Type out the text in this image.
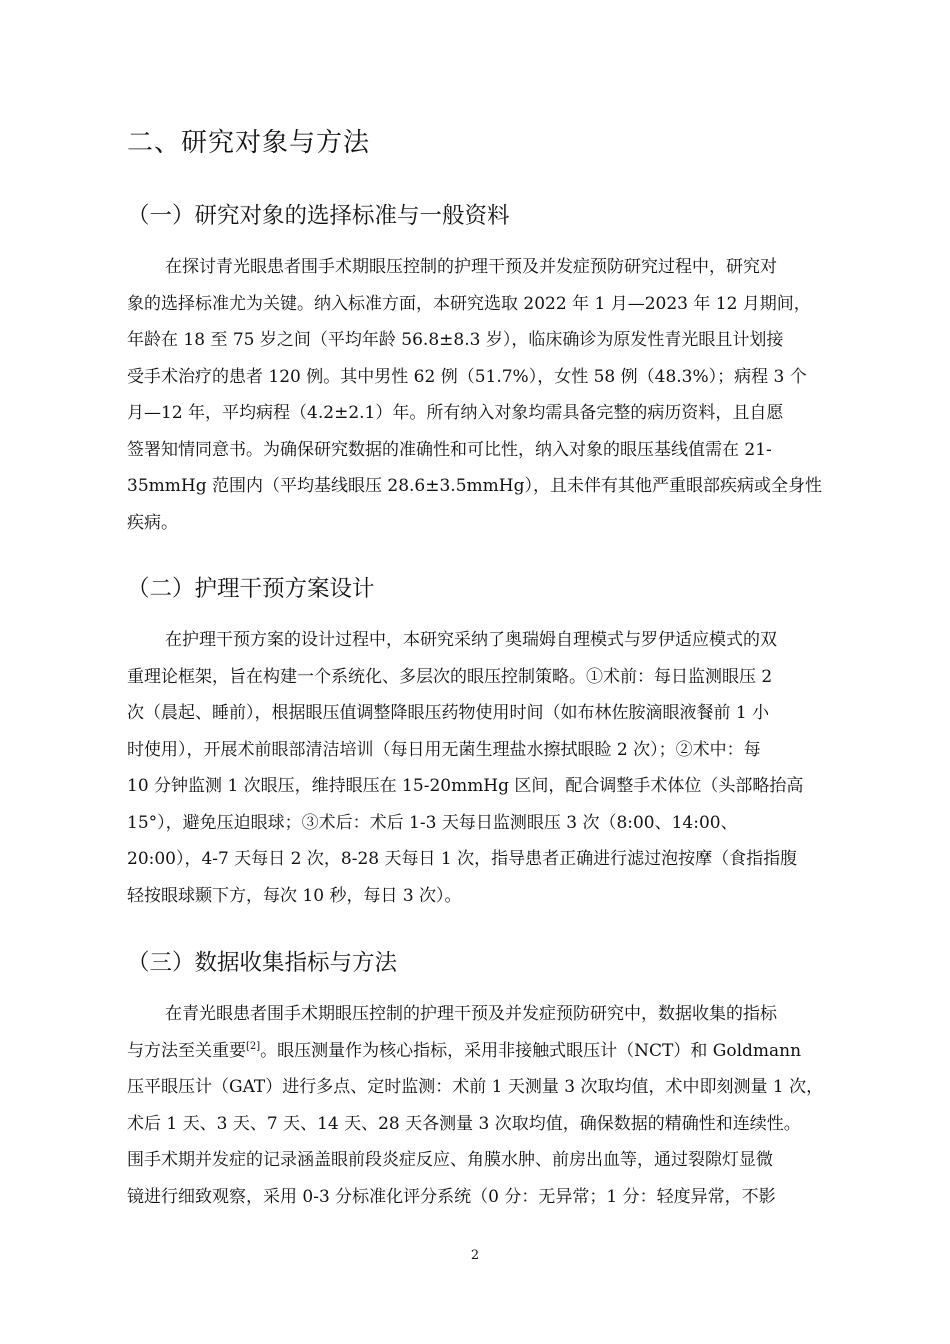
二、研究对象与方法
（一）研究对象的选择标准与一般资料
在探讨青光眼患者围手术期眼压控制的护理干预及并发症预防研究过程中，研究对
象的选择标准尤为关键。纳入标准方面，本研究选取 2022 年 1 月—2023 年 12 月期间，
年龄在 18 至 75 岁之间（平均年龄 56.8±8.3 岁），临床确诊为原发性青光眼且计划接
受手术治疗的患者 120 例。其中男性 62 例（51.7%），女性 58 例（48.3%）；病程 3 个
月—12 年，平均病程（4.2±2.1）年。所有纳入对象均需具备完整的病历资料，且自愿
签署知情同意书。为确保研究数据的准确性和可比性，纳入对象的眼压基线值需在 21-
35mmHg 范围内（平均基线眼压 28.6±3.5mmHg），且未伴有其他严重眼部疾病或全身性
疾病。
（二）护理干预方案设计
在护理干预方案的设计过程中，本研究采纳了奥瑞姆自理模式与罗伊适应模式的双
重理论框架，旨在构建一个系统化、多层次的眼压控制策略。①术前：每日监测眼压 2
次（晨起、睡前），根据眼压值调整降眼压药物使用时间（如布林佐胺滴眼液餐前 1 小
时使用），开展术前眼部清洁培训（每日用无菌生理盐水擦拭眼睑 2 次）；②术中：每
10 分钟监测 1 次眼压，维持眼压在 15-20mmHg 区间，配合调整手术体位（头部略抬高
15°），避免压迫眼球；③术后：术后 1-3 天每日监测眼压 3 次（8:00、14:00、
20:00），4-7 天每日 2 次，8-28 天每日 1 次，指导患者正确进行滤过泡按摩（食指指腹
轻按眼球颞下方，每次 10 秒，每日 3 次）。
（三）数据收集指标与方法
在青光眼患者围手术期眼压控制的护理干预及并发症预防研究中，数据收集的指标
与方法至关重要[2]。眼压测量作为核心指标，采用非接触式眼压计（NCT）和 Goldmann
压平眼压计（GAT）进行多点、定时监测：术前 1 天测量 3 次取均值，术中即刻测量 1 次，
术后 1 天、3 天、7 天、14 天、28 天各测量 3 次取均值，确保数据的精确性和连续性。
围手术期并发症的记录涵盖眼前段炎症反应、角膜水肿、前房出血等，通过裂隙灯显微
镜进行细致观察，采用 0-3 分标准化评分系统（0 分：无异常；1 分：轻度异常，不影
2
